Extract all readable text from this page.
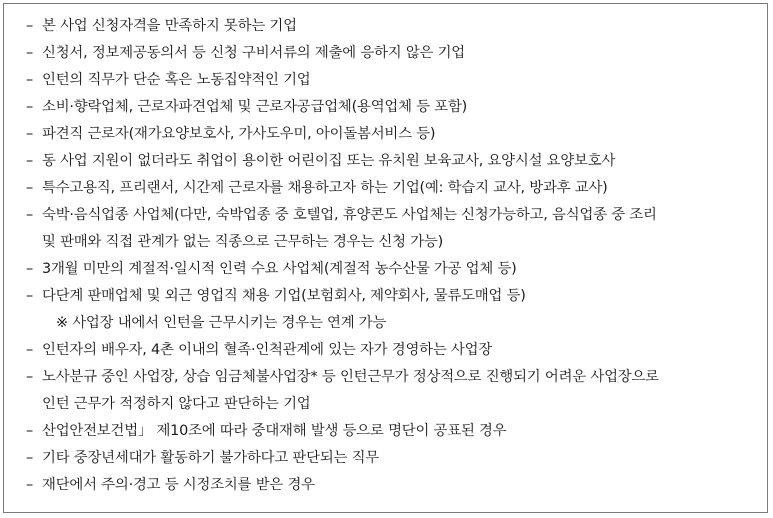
– 본 사업 신청자격을 만족하지 못하는 기업
– 신청서, 정보제공동의서 등 신청 구비서류의 제출에 응하지 않은 기업
– 인턴의 직무가 단순 혹은 노동집약적인 기업
– 소비·향락업체, 근로자파견업체 및 근로자공급업체(용역업체 등 포함)
– 파견직 근로자(재가요양보호사, 가사도우미, 아이돌봄서비스 등)
– 동 사업 지원이 없더라도 취업이 용이한 어린이집 또는 유치원 보육교사, 요양시설 요양보호사
– 특수고용직, 프리랜서, 시간제 근로자를 채용하고자 하는 기업(예: 학습지 교사, 방과후 교사)
– 숙박·음식업종 사업체(다만, 숙박업종 중 호텔업, 휴양콘도 사업체는 신청가능하고, 음식업종 중 조리
및 판매와 직접 관계가 없는 직종으로 근무하는 경우는 신청 가능)
– 3개월 미만의 계절적·일시적 인력 수요 사업체(계절적 농수산물 가공 업체 등)
– 다단계 판매업체 및 외근 영업직 채용 기업(보험회사, 제약회사, 물류도매업 등)
※ 사업장 내에서 인턴을 근무시키는 경우는 연계 가능
– 인턴자의 배우자, 4촌 이내의 혈족·인척관계에 있는 자가 경영하는 사업장
– 노사분규 중인 사업장, 상습 임금체불사업장* 등 인턴근무가 정상적으로 진행되기 어려운 사업장으로
인턴 근무가 적정하지 않다고 판단하는 기업
– 산업안전보건법」 제10조에 따라 중대재해 발생 등으로 명단이 공표된 경우
– 기타 중장년세대가 활동하기 불가하다고 판단되는 직무
– 재단에서 주의·경고 등 시정조치를 받은 경우
